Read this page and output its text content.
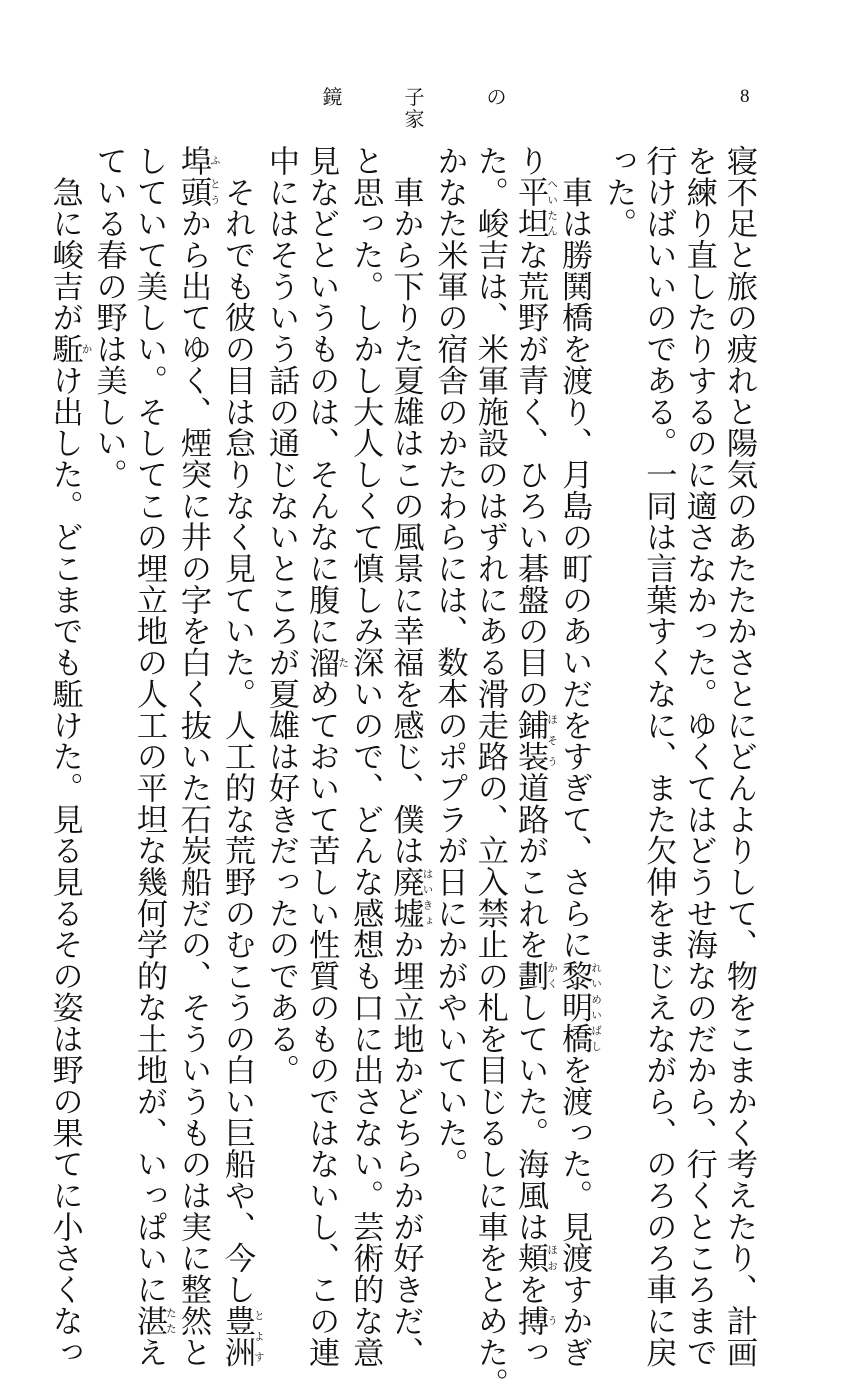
鏡　子　の　家
8
寝不足と旅の疲れと陽気のあたたかさとにどんよりして、物をこまかく考えたり、計画
を練り直したりするのに適さなかった。ゆくてはどうせ海なのだから、行くところまで
行けばいいのである。一同は言葉すくなに、また欠伸をまじえながら、のろのろ車に戻
った。
　車は勝鬨橋を渡り、月島の町のあいだをすぎて、さらに黎明橋れいめいばしを渡った。見渡すかぎ
り平坦へいたんな荒野が青く、ひろい碁盤の目の鋪装ほそう道路がこれを劃かくしていた。海風は頬ほおを搏うっ
た。峻吉は、米軍施設のはずれにある滑走路の、立入禁止の札を目じるしに車をとめた。
かなた米軍の宿舎のかたわらには、数本のポプラが日にかがやいていた。
　車から下りた夏雄はこの風景に幸福を感じ、僕は廃墟はいきょか埋立地かどちらかが好きだ、
と思った。しかし大人しくて慎しみ深いので、どんな感想も口に出さない。芸術的な意
見などというものは、そんなに腹に溜ためておいて苦しい性質のものではないし、この連
中にはそういう話の通じないところが夏雄は好きだったのである。
　それでも彼の目は怠りなく見ていた。人工的な荒野のむこうの白い巨船や、今し豊洲とよす
埠ふ頭とうから出てゆく、煙突に井の字を白く抜いた石炭船だの、そういうものは実に整然と
していて美しい。そしてこの埋立地の人工の平坦な幾何学的な土地が、いっぱいに湛たたえ
ている春の野は美しい。
　急に峻吉が駈かけ出した。どこまでも駈けた。見る見るその姿は野の果てに小さくなっ
